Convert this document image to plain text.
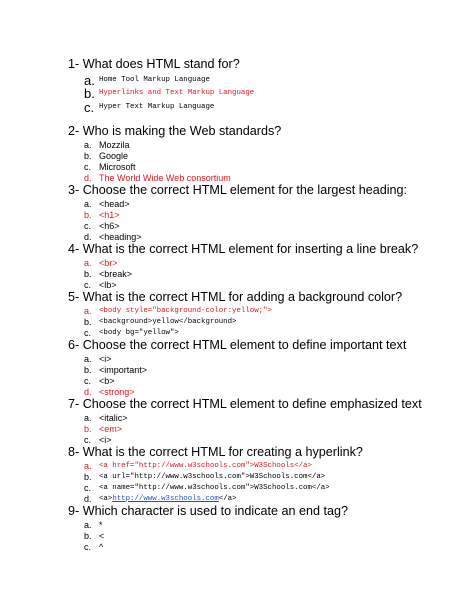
1- What does HTML stand for?
a. Home Tool Markup Language
b. Hyperlinks and Text Markup Language
c. Hyper Text Markup Language
2- Who is making the Web standards?
a. Mozzila
b. Google
c. Microsoft
d. The World Wide Web consortium
3- Choose the correct HTML element for the largest heading:
a. <head>
b. <h1>
c. <h6>
d. <heading>
4- What is the correct HTML element for inserting a line break?
a. <br>
b. <break>
c. <lb>
5- What is the correct HTML for adding a background color?
a. <body style="background-color:yellow;">
b. <background>yellow</background>
c. <body bg="yellow">
6- Choose the correct HTML element to define important text
a. <i>
b. <important>
c. <b>
d. <strong>
7- Choose the correct HTML element to define emphasized text
a. <italic>
b. <em>
c. <i>
8- What is the correct HTML for creating a hyperlink?
a. <a href="http://www.w3schools.com">W3Schools</a>
b. <a url="http://www.w3schools.com">W3Schools.com</a>
c. <a name="http://www.w3schools.com">W3Schools.com</a>
d. <a>http://www.w3schools.com</a>
9- Which character is used to indicate an end tag?
a. *
b. <
c. ^
